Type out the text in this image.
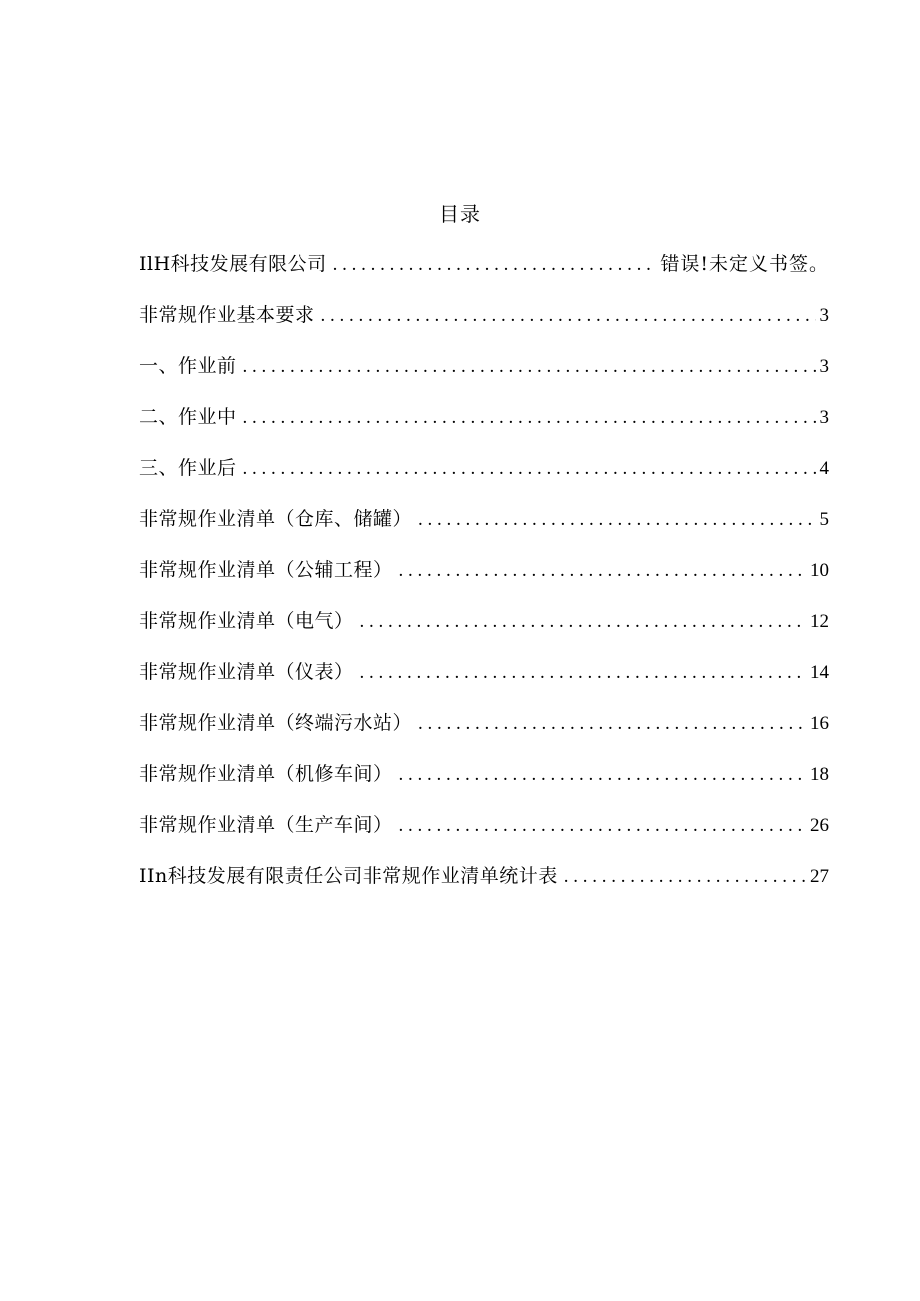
目录
IlH科技发展有限公司 . . .	错误!未定义书签。
非常规作业基本要求 . . .	3
一、作业前 . . .	3
二、作业中 . . .	3
三、作业后 . . .	4
非常规作业清单（仓库、储罐） . . .	5
非常规作业清单（公辅工程） . . .	10
非常规作业清单（电气） . . .	12
非常规作业清单（仪表） . . .	14
非常规作业清单（终端污水站） . . .	16
非常规作业清单（机修车间） . . .	18
非常规作业清单（生产车间） . . .	26
IIn科技发展有限责任公司非常规作业清单统计表 . . .	27
